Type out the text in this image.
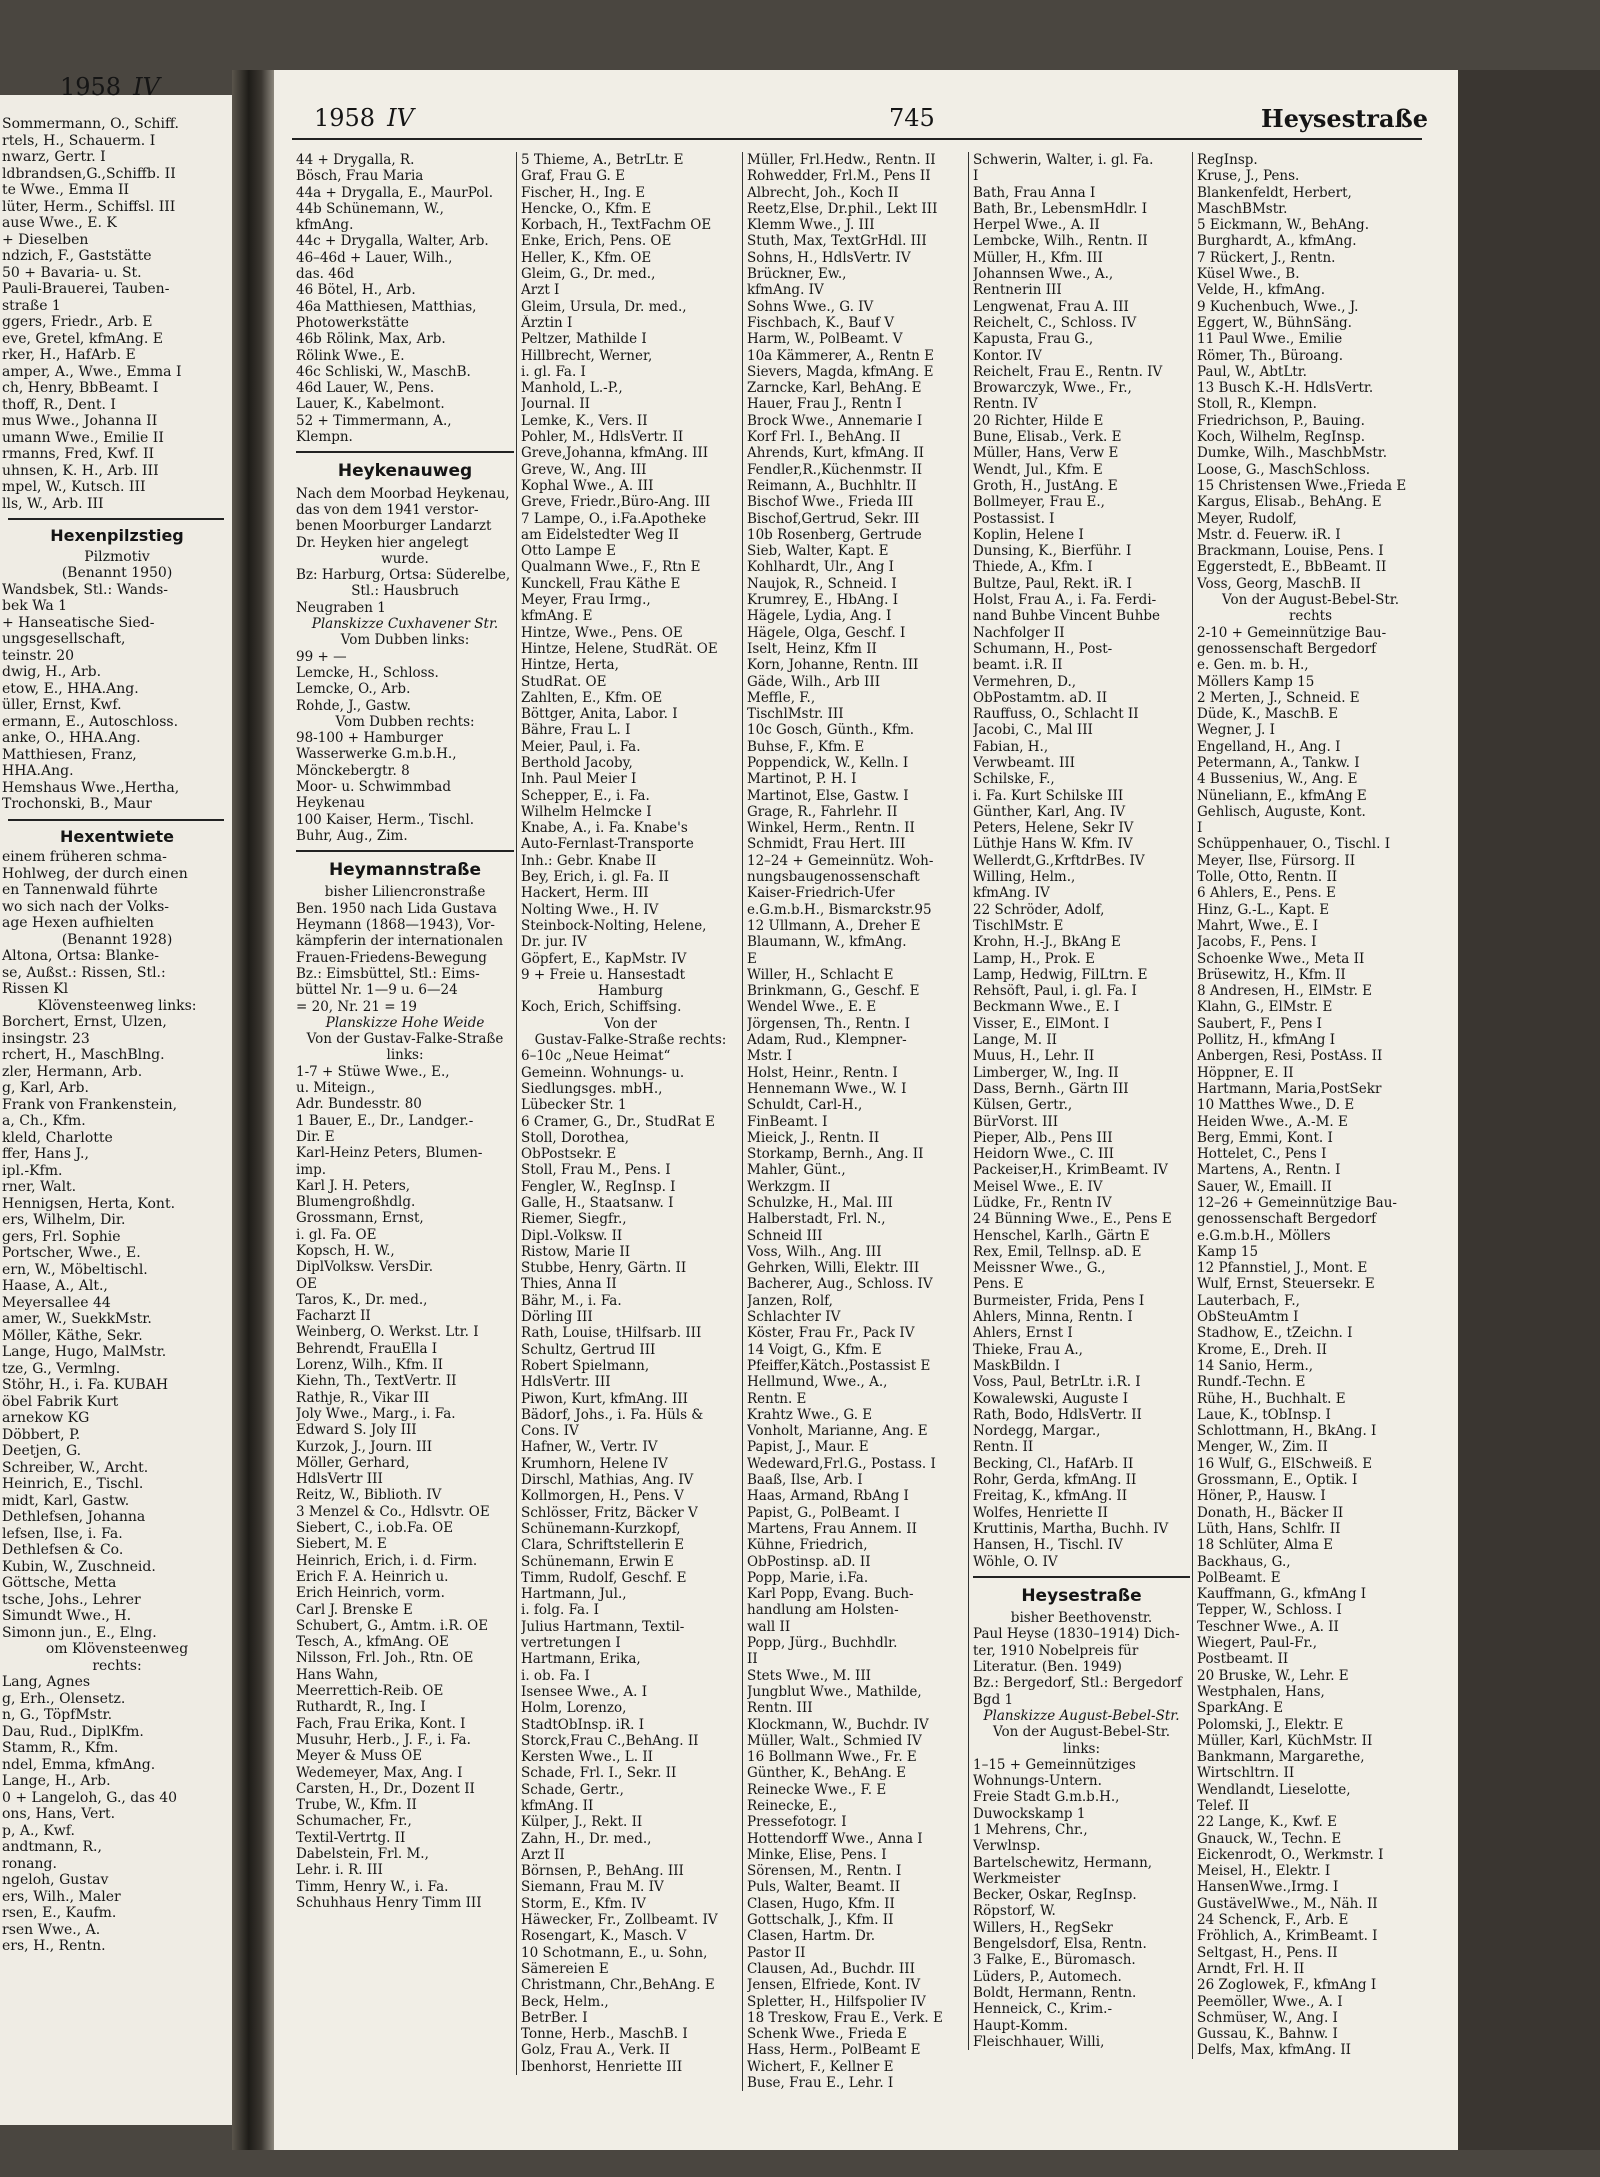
1958 IV
Sommermann, O., Schiff.
rtels, H., Schauerm. I
nwarz, Gertr. I
ldbrandsen,G.,Schiffb. II
te Wwe., Emma II
lüter, Herm., Schiffsl. III
ause Wwe., E. K
+ Dieselben
ndzich, F., Gaststätte
50 + Bavaria- u. St.
Pauli-Brauerei, Tauben-
straße 1
ggers, Friedr., Arb. E
eve, Gretel, kfmAng. E
rker, H., HafArb. E
amper, A., Wwe., Emma I
ch, Henry, BbBeamt. I
thoff, R., Dent. I
mus Wwe., Johanna II
umann Wwe., Emilie II
rmanns, Fred, Kwf. II
uhnsen, K. H., Arb. III
mpel, W., Kutsch. III
lls, W., Arb. III
Hexenpilzstieg
Pilzmotiv
(Benannt 1950)
Wandsbek, Stl.: Wands-
bek Wa 1
+ Hanseatische Sied-
ungsgesellschaft,
teinstr. 20
dwig, H., Arb.
etow, E., HHA.Ang.
üller, Ernst, Kwf.
ermann, E., Autoschloss.
anke, O., HHA.Ang.
Matthiesen, Franz,
HHA.Ang.
Hemshaus Wwe.,Hertha,
Trochonski, B., Maur
Hexentwiete
einem früheren schma-
Hohlweg, der durch einen
en Tannenwald führte
wo sich nach der Volks-
age Hexen aufhielten
(Benannt 1928)
Altona, Ortsa: Blanke-
se, Außst.: Rissen, Stl.:
Rissen Kl
Klövensteenweg links:
Borchert, Ernst, Ulzen,
insingstr. 23
rchert, H., MaschBlng.
zler, Hermann, Arb.
g, Karl, Arb.
Frank von Frankenstein,
a, Ch., Kfm.
kleld, Charlotte
ffer, Hans J.,
ipl.-Kfm.
rner, Walt.
Hennigsen, Herta, Kont.
ers, Wilhelm, Dir.
gers, Frl. Sophie
Portscher, Wwe., E.
ern, W., Möbeltischl.
Haase, A., Alt.,
Meyersallee 44
amer, W., SuekkMstr.
Möller, Käthe, Sekr.
Lange, Hugo, MalMstr.
tze, G., Vermlng.
Stöhr, H., i. Fa. KUBAH
öbel Fabrik Kurt
arnekow KG
Döbbert, P.
Deetjen, G.
Schreiber, W., Archt.
Heinrich, E., Tischl.
midt, Karl, Gastw.
Dethlefsen, Johanna
lefsen, Ilse, i. Fa.
Dethlefsen & Co.
Kubin, W., Zuschneid.
Göttsche, Metta
tsche, Johs., Lehrer
Simundt Wwe., H.
Simonn jun., E., Elng.
om Klövensteenweg
rechts:
Lang, Agnes
g, Erh., Olensetz.
n, G., TöpfMstr.
Dau, Rud., DiplKfm.
Stamm, R., Kfm.
ndel, Emma, kfmAng.
Lange, H., Arb.
0 + Langeloh, G., das 40
ons, Hans, Vert.
p, A., Kwf.
andtmann, R.,
ronang.
ngeloh, Gustav
ers, Wilh., Maler
rsen, E., Kaufm.
rsen Wwe., A.
ers, H., Rentn.
1958 IV	745	Heysestraße
44 + Drygalla, R.
Bösch, Frau Maria
44a + Drygalla, E., MaurPol.
44b Schünemann, W.,
kfmAng.
44c + Drygalla, Walter, Arb.
46–46d + Lauer, Wilh.,
das. 46d
46 Bötel, H., Arb.
46a Matthiesen, Matthias,
Photowerkstätte
46b Rölink, Max, Arb.
Rölink Wwe., E.
46c Schliski, W., MaschB.
46d Lauer, W., Pens.
Lauer, K., Kabelmont.
52 + Timmermann, A.,
Klempn.
Heykenauweg
Nach dem Moorbad Heykenau,
das von dem 1941 verstor-
benen Moorburger Landarzt
Dr. Heyken hier angelegt
wurde.
Bz: Harburg, Ortsa: Süderelbe,
Stl.: Hausbruch
Neugraben 1
Planskizze Cuxhavener Str.
Vom Dubben links:
99 + —
Lemcke, H., Schloss.
Lemcke, O., Arb.
Rohde, J., Gastw.
Vom Dubben rechts:
98-100 + Hamburger
Wasserwerke G.m.b.H.,
Mönckebergtr. 8
Moor- u. Schwimmbad
Heykenau
100 Kaiser, Herm., Tischl.
Buhr, Aug., Zim.
Heymannstraße
bisher Liliencronstraße
Ben. 1950 nach Lida Gustava
Heymann (1868—1943), Vor-
kämpferin der internationalen
Frauen-Friedens-Bewegung
Bz.: Eimsbüttel, Stl.: Eims-
büttel Nr. 1—9 u. 6—24
= 20, Nr. 21 = 19
Planskizze Hohe Weide
Von der Gustav-Falke-Straße
links:
1-7 + Stüwe Wwe., E.,
u. Miteign.,
Adr. Bundesstr. 80
1 Bauer, E., Dr., Landger.-
Dir. E
Karl-Heinz Peters, Blumen-
imp.
Karl J. H. Peters,
Blumengroßhdlg.
Grossmann, Ernst,
i. gl. Fa. OE
Kopsch, H. W.,
DiplVolksw. VersDir.
OE
Taros, K., Dr. med.,
Facharzt II
Weinberg, O. Werkst. Ltr. I
Behrendt, FrauElla I
Lorenz, Wilh., Kfm. II
Kiehn, Th., TextVertr. II
Rathje, R., Vikar III
Joly Wwe., Marg., i. Fa.
Edward S. Joly III
Kurzok, J., Journ. III
Möller, Gerhard,
HdlsVertr III
Reitz, W., Biblioth. IV
3 Menzel & Co., Hdlsvtr. OE
Siebert, C., i.ob.Fa. OE
Siebert, M. E
Heinrich, Erich, i. d. Firm.
Erich F. A. Heinrich u.
Erich Heinrich, vorm.
Carl J. Brenske E
Schubert, G., Amtm. i.R. OE
Tesch, A., kfmAng. OE
Nilsson, Frl. Joh., Rtn. OE
Hans Wahn,
Meerrettich-Reib. OE
Ruthardt, R., Ing. I
Fach, Frau Erika, Kont. I
Musuhr, Herb., J. F., i. Fa.
Meyer & Muss OE
Wedemeyer, Max, Ang. I
Carsten, H., Dr., Dozent II
Trube, W., Kfm. II
Schumacher, Fr.,
Textil-Vertrtg. II
Dabelstein, Frl. M.,
Lehr. i. R. III
Timm, Henry W., i. Fa.
Schuhhaus Henry Timm III
5 Thieme, A., BetrLtr. E
Graf, Frau G. E
Fischer, H., Ing. E
Hencke, O., Kfm. E
Korbach, H., TextFachm OE
Enke, Erich, Pens. OE
Heller, K., Kfm. OE
Gleim, G., Dr. med.,
Arzt I
Gleim, Ursula, Dr. med.,
Ärztin I
Peltzer, Mathilde I
Hillbrecht, Werner,
i. gl. Fa. I
Manhold, L.-P.,
Journal. II
Lemke, K., Vers. II
Pohler, M., HdlsVertr. II
Greve,Johanna, kfmAng. III
Greve, W., Ang. III
Kophal Wwe., A. III
Greve, Friedr.,Büro-Ang. III
7 Lampe, O., i.Fa.Apotheke
am Eidelstedter Weg II
Otto Lampe E
Qualmann Wwe., F., Rtn E
Kunckell, Frau Käthe E
Meyer, Frau Irmg.,
kfmAng. E
Hintze, Wwe., Pens. OE
Hintze, Helene, StudRät. OE
Hintze, Herta,
StudRat. OE
Zahlten, E., Kfm. OE
Böttger, Anita, Labor. I
Bähre, Frau L. I
Meier, Paul, i. Fa.
Berthold Jacoby,
Inh. Paul Meier I
Schepper, E., i. Fa.
Wilhelm Helmcke I
Knabe, A., i. Fa. Knabe's
Auto-Fernlast-Transporte
Inh.: Gebr. Knabe II
Bey, Erich, i. gl. Fa. II
Hackert, Herm. III
Nolting Wwe., H. IV
Steinbock-Nolting, Helene,
Dr. jur. IV
Göpfert, E., KapMstr. IV
9 + Freie u. Hansestadt
Hamburg
Koch, Erich, Schiffsing.
Von der
Gustav-Falke-Straße rechts:
6–10c „Neue Heimat“
Gemeinn. Wohnungs- u.
Siedlungsges. mbH.,
Lübecker Str. 1
6 Cramer, G., Dr., StudRat E
Stoll, Dorothea,
ObPostsekr. E
Stoll, Frau M., Pens. I
Fengler, W., RegInsp. I
Galle, H., Staatsanw. I
Riemer, Siegfr.,
Dipl.-Volksw. II
Ristow, Marie II
Stubbe, Henry, Gärtn. II
Thies, Anna II
Bähr, M., i. Fa.
Dörling III
Rath, Louise, tHilfsarb. III
Schultz, Gertrud III
Robert Spielmann,
HdlsVertr. III
Piwon, Kurt, kfmAng. III
Bädorf, Johs., i. Fa. Hüls &
Cons. IV
Hafner, W., Vertr. IV
Krumhorn, Helene IV
Dirschl, Mathias, Ang. IV
Kollmorgen, H., Pens. V
Schlösser, Fritz, Bäcker V
Schünemann-Kurzkopf,
Clara, Schriftstellerin E
Schünemann, Erwin E
Timm, Rudolf, Geschf. E
Hartmann, Jul.,
i. folg. Fa. I
Julius Hartmann, Textil-
vertretungen I
Hartmann, Erika,
i. ob. Fa. I
Isensee Wwe., A. I
Holm, Lorenzo,
StadtObInsp. iR. I
Storck,Frau C.,BehAng. II
Kersten Wwe., L. II
Schade, Frl. I., Sekr. II
Schade, Gertr.,
kfmAng. II
Külper, J., Rekt. II
Zahn, H., Dr. med.,
Arzt II
Börnsen, P., BehAng. III
Siemann, Frau M. IV
Storm, E., Kfm. IV
Häwecker, Fr., Zollbeamt. IV
Rosengart, K., Masch. V
10 Schotmann, E., u. Sohn,
Sämereien E
Christmann, Chr.,BehAng. E
Beck, Helm.,
BetrBer. I
Tonne, Herb., MaschB. I
Golz, Frau A., Verk. II
Ibenhorst, Henriette III
Müller, Frl.Hedw., Rentn. II
Rohwedder, Frl.M., Pens II
Albrecht, Joh., Koch II
Reetz,Else, Dr.phil., Lekt III
Klemm Wwe., J. III
Stuth, Max, TextGrHdl. III
Sohns, H., HdlsVertr. IV
Brückner, Ew.,
kfmAng. IV
Sohns Wwe., G. IV
Fischbach, K., Bauf V
Harm, W., PolBeamt. V
10a Kämmerer, A., Rentn E
Sievers, Magda, kfmAng. E
Zarncke, Karl, BehAng. E
Hauer, Frau J., Rentn I
Brock Wwe., Annemarie I
Korf Frl. I., BehAng. II
Ahrends, Kurt, kfmAng. II
Fendler,R.,Küchenmstr. II
Reimann, A., Buchhltr. II
Bischof Wwe., Frieda III
Bischof,Gertrud, Sekr. III
10b Rosenberg, Gertrude
Sieb, Walter, Kapt. E
Kohlhardt, Ulr., Ang I
Naujok, R., Schneid. I
Krumrey, E., HbAng. I
Hägele, Lydia, Ang. I
Hägele, Olga, Geschf. I
Iselt, Heinz, Kfm II
Korn, Johanne, Rentn. III
Gäde, Wilh., Arb III
Meffle, F.,
TischlMstr. III
10c Gosch, Günth., Kfm.
Buhse, F., Kfm. E
Poppendick, W., Kelln. I
Martinot, P. H. I
Martinot, Else, Gastw. I
Grage, R., Fahrlehr. II
Winkel, Herm., Rentn. II
Schmidt, Frau Hert. III
12–24 + Gemeinnütz. Woh-
nungsbaugenossenschaft
Kaiser-Friedrich-Ufer
e.G.m.b.H., Bismarckstr.95
12 Ullmann, A., Dreher E
Blaumann, W., kfmAng.
E
Willer, H., Schlacht E
Brinkmann, G., Geschf. E
Wendel Wwe., E. E
Jörgensen, Th., Rentn. I
Adam, Rud., Klempner-
Mstr. I
Holst, Heinr., Rentn. I
Hennemann Wwe., W. I
Schuldt, Carl-H.,
FinBeamt. I
Mieick, J., Rentn. II
Storkamp, Bernh., Ang. II
Mahler, Günt.,
Werkzgm. II
Schulzke, H., Mal. III
Halberstadt, Frl. N.,
Schneid III
Voss, Wilh., Ang. III
Gehrken, Willi, Elektr. III
Bacherer, Aug., Schloss. IV
Janzen, Rolf,
Schlachter IV
Köster, Frau Fr., Pack IV
14 Voigt, G., Kfm. E
Pfeiffer,Kätch.,Postassist E
Hellmund, Wwe., A.,
Rentn. E
Krahtz Wwe., G. E
Vonholt, Marianne, Ang. E
Papist, J., Maur. E
Wedeward,Frl.G., Postass. I
Baaß, Ilse, Arb. I
Haas, Armand, RbAng I
Papist, G., PolBeamt. I
Martens, Frau Annem. II
Kühne, Friedrich,
ObPostinsp. aD. II
Popp, Marie, i.Fa.
Karl Popp, Evang. Buch-
handlung am Holsten-
wall II
Popp, Jürg., Buchhdlr.
II
Stets Wwe., M. III
Jungblut Wwe., Mathilde,
Rentn. III
Klockmann, W., Buchdr. IV
Müller, Walt., Schmied IV
16 Bollmann Wwe., Fr. E
Günther, K., BehAng. E
Reinecke Wwe., F. E
Reinecke, E.,
Pressefotogr. I
Hottendorff Wwe., Anna I
Minke, Elise, Pens. I
Sörensen, M., Rentn. I
Puls, Walter, Beamt. II
Clasen, Hugo, Kfm. II
Gottschalk, J., Kfm. II
Clasen, Hartm. Dr.
Pastor II
Clausen, Ad., Buchdr. III
Jensen, Elfriede, Kont. IV
Spletter, H., Hilfspolier IV
18 Treskow, Frau E., Verk. E
Schenk Wwe., Frieda E
Hass, Herm., PolBeamt E
Wichert, F., Kellner E
Buse, Frau E., Lehr. I
Schwerin, Walter, i. gl. Fa.
I
Bath, Frau Anna I
Bath, Br., LebensmHdlr. I
Herpel Wwe., A. II
Lembcke, Wilh., Rentn. II
Müller, H., Kfm. III
Johannsen Wwe., A.,
Rentnerin III
Lengwenat, Frau A. III
Reichelt, C., Schloss. IV
Kapusta, Frau G.,
Kontor. IV
Reichelt, Frau E., Rentn. IV
Browarczyk, Wwe., Fr.,
Rentn. IV
20 Richter, Hilde E
Bune, Elisab., Verk. E
Müller, Hans, Verw E
Wendt, Jul., Kfm. E
Groth, H., JustAng. E
Bollmeyer, Frau E.,
Postassist. I
Koplin, Helene I
Dunsing, K., Bierführ. I
Thiede, A., Kfm. I
Bultze, Paul, Rekt. iR. I
Holst, Frau A., i. Fa. Ferdi-
nand Buhbe Vincent Buhbe
Nachfolger II
Schumann, H., Post-
beamt. i.R. II
Vermehren, D.,
ObPostamtm. aD. II
Rauffuss, O., Schlacht II
Jacobi, C., Mal III
Fabian, H.,
Verwbeamt. III
Schilske, F.,
i. Fa. Kurt Schilske III
Günther, Karl, Ang. IV
Peters, Helene, Sekr IV
Lüthje Hans W. Kfm. IV
Wellerdt,G.,KrftdrBes. IV
Willing, Helm.,
kfmAng. IV
22 Schröder, Adolf,
TischlMstr. E
Krohn, H.-J., BkAng E
Lamp, H., Prok. E
Lamp, Hedwig, FilLtrn. E
Rehsöft, Paul, i. gl. Fa. I
Beckmann Wwe., E. I
Visser, E., ElMont. I
Lange, M. II
Muus, H., Lehr. II
Limberger, W., Ing. II
Dass, Bernh., Gärtn III
Külsen, Gertr.,
BürVorst. III
Pieper, Alb., Pens III
Heidorn Wwe., C. III
Packeiser,H., KrimBeamt. IV
Meisel Wwe., E. IV
Lüdke, Fr., Rentn IV
24 Bünning Wwe., E., Pens E
Henschel, Karlh., Gärtn E
Rex, Emil, Tellnsp. aD. E
Meissner Wwe., G.,
Pens. E
Burmeister, Frida, Pens I
Ahlers, Minna, Rentn. I
Ahlers, Ernst I
Thieke, Frau A.,
MaskBildn. I
Voss, Paul, BetrLtr. i.R. I
Kowalewski, Auguste I
Rath, Bodo, HdlsVertr. II
Nordegg, Margar.,
Rentn. II
Becking, Cl., HafArb. II
Rohr, Gerda, kfmAng. II
Freitag, K., kfmAng. II
Wolfes, Henriette II
Kruttinis, Martha, Buchh. IV
Hansen, H., Tischl. IV
Wöhle, O. IV
Heysestraße
bisher Beethovenstr.
Paul Heyse (1830–1914) Dich-
ter, 1910 Nobelpreis für
Literatur. (Ben. 1949)
Bz.: Bergedorf, Stl.: Bergedorf
Bgd 1
Planskizze August-Bebel-Str.
Von der August-Bebel-Str.
links:
1–15 + Gemeinnütziges
Wohnungs-Untern.
Freie Stadt G.m.b.H.,
Duwockskamp 1
1 Mehrens, Chr.,
Verwlnsp.
Bartelschewitz, Hermann,
Werkmeister
Becker, Oskar, RegInsp.
Röpstorf, W.
Willers, H., RegSekr
Bengelsdorf, Elsa, Rentn.
3 Falke, E., Büromasch.
Lüders, P., Automech.
Boldt, Hermann, Rentn.
Henneick, C., Krim.-
Haupt-Komm.
Fleischhauer, Willi,
RegInsp.
Kruse, J., Pens.
Blankenfeldt, Herbert,
MaschBMstr.
5 Eickmann, W., BehAng.
Burghardt, A., kfmAng.
7 Rückert, J., Rentn.
Küsel Wwe., B.
Velde, H., kfmAng.
9 Kuchenbuch, Wwe., J.
Eggert, W., BühnSäng.
11 Paul Wwe., Emilie
Römer, Th., Büroang.
Paul, W., AbtLtr.
13 Busch K.-H. HdlsVertr.
Stoll, R., Klempn.
Friedrichson, P., Bauing.
Koch, Wilhelm, RegInsp.
Dumke, Wilh., MaschbMstr.
Loose, G., MaschSchloss.
15 Christensen Wwe.,Frieda E
Kargus, Elisab., BehAng. E
Meyer, Rudolf,
Mstr. d. Feuerw. iR. I
Brackmann, Louise, Pens. I
Eggerstedt, E., BbBeamt. II
Voss, Georg, MaschB. II
Von der August-Bebel-Str.
rechts
2-10 + Gemeinnützige Bau-
genossenschaft Bergedorf
e. Gen. m. b. H.,
Möllers Kamp 15
2 Merten, J., Schneid. E
Düde, K., MaschB. E
Wegner, J. I
Engelland, H., Ang. I
Petermann, A., Tankw. I
4 Bussenius, W., Ang. E
Nüneliann, E., kfmAng E
Gehlisch, Auguste, Kont.
I
Schüppenhauer, O., Tischl. I
Meyer, Ilse, Fürsorg. II
Tolle, Otto, Rentn. II
6 Ahlers, E., Pens. E
Hinz, G.-L., Kapt. E
Mahrt, Wwe., E. I
Jacobs, F., Pens. I
Schoenke Wwe., Meta II
Brüsewitz, H., Kfm. II
8 Andresen, H., ElMstr. E
Klahn, G., ElMstr. E
Saubert, F., Pens I
Pollitz, H., kfmAng I
Anbergen, Resi, PostAss. II
Höppner, E. II
Hartmann, Maria,PostSekr
10 Matthes Wwe., D. E
Heiden Wwe., A.-M. E
Berg, Emmi, Kont. I
Hottelet, C., Pens I
Martens, A., Rentn. I
Sauer, W., Emaill. II
12–26 + Gemeinnützige Bau-
genossenschaft Bergedorf
e.G.m.b.H., Möllers
Kamp 15
12 Pfannstiel, J., Mont. E
Wulf, Ernst, Steuersekr. E
Lauterbach, F.,
ObSteuAmtm I
Stadhow, E., tZeichn. I
Krome, E., Dreh. II
14 Sanio, Herm.,
Rundf.-Techn. E
Rühe, H., Buchhalt. E
Laue, K., tObInsp. I
Schlottmann, H., BkAng. I
Menger, W., Zim. II
16 Wulf, G., ElSchweiß. E
Grossmann, E., Optik. I
Höner, P., Hausw. I
Donath, H., Bäcker II
Lüth, Hans, Schlfr. II
18 Schlüter, Alma E
Backhaus, G.,
PolBeamt. E
Kauffmann, G., kfmAng I
Tepper, W., Schloss. I
Teschner Wwe., A. II
Wiegert, Paul-Fr.,
Postbeamt. II
20 Bruske, W., Lehr. E
Westphalen, Hans,
SparkAng. E
Polomski, J., Elektr. E
Müller, Karl, KüchMstr. II
Bankmann, Margarethe,
Wirtschltrn. II
Wendlandt, Lieselotte,
Telef. II
22 Lange, K., Kwf. E
Gnauck, W., Techn. E
Eickenrodt, O., Werkmstr. I
Meisel, H., Elektr. I
HansenWwe.,Irmg. I
GustävelWwe., M., Näh. II
24 Schenck, F., Arb. E
Fröhlich, A., KrimBeamt. I
Seltgast, H., Pens. II
Arndt, Frl. H. II
26 Zoglowek, F., kfmAng I
Peemöller, Wwe., A. I
Schmüser, W., Ang. I
Gussau, K., Bahnw. I
Delfs, Max, kfmAng. II
